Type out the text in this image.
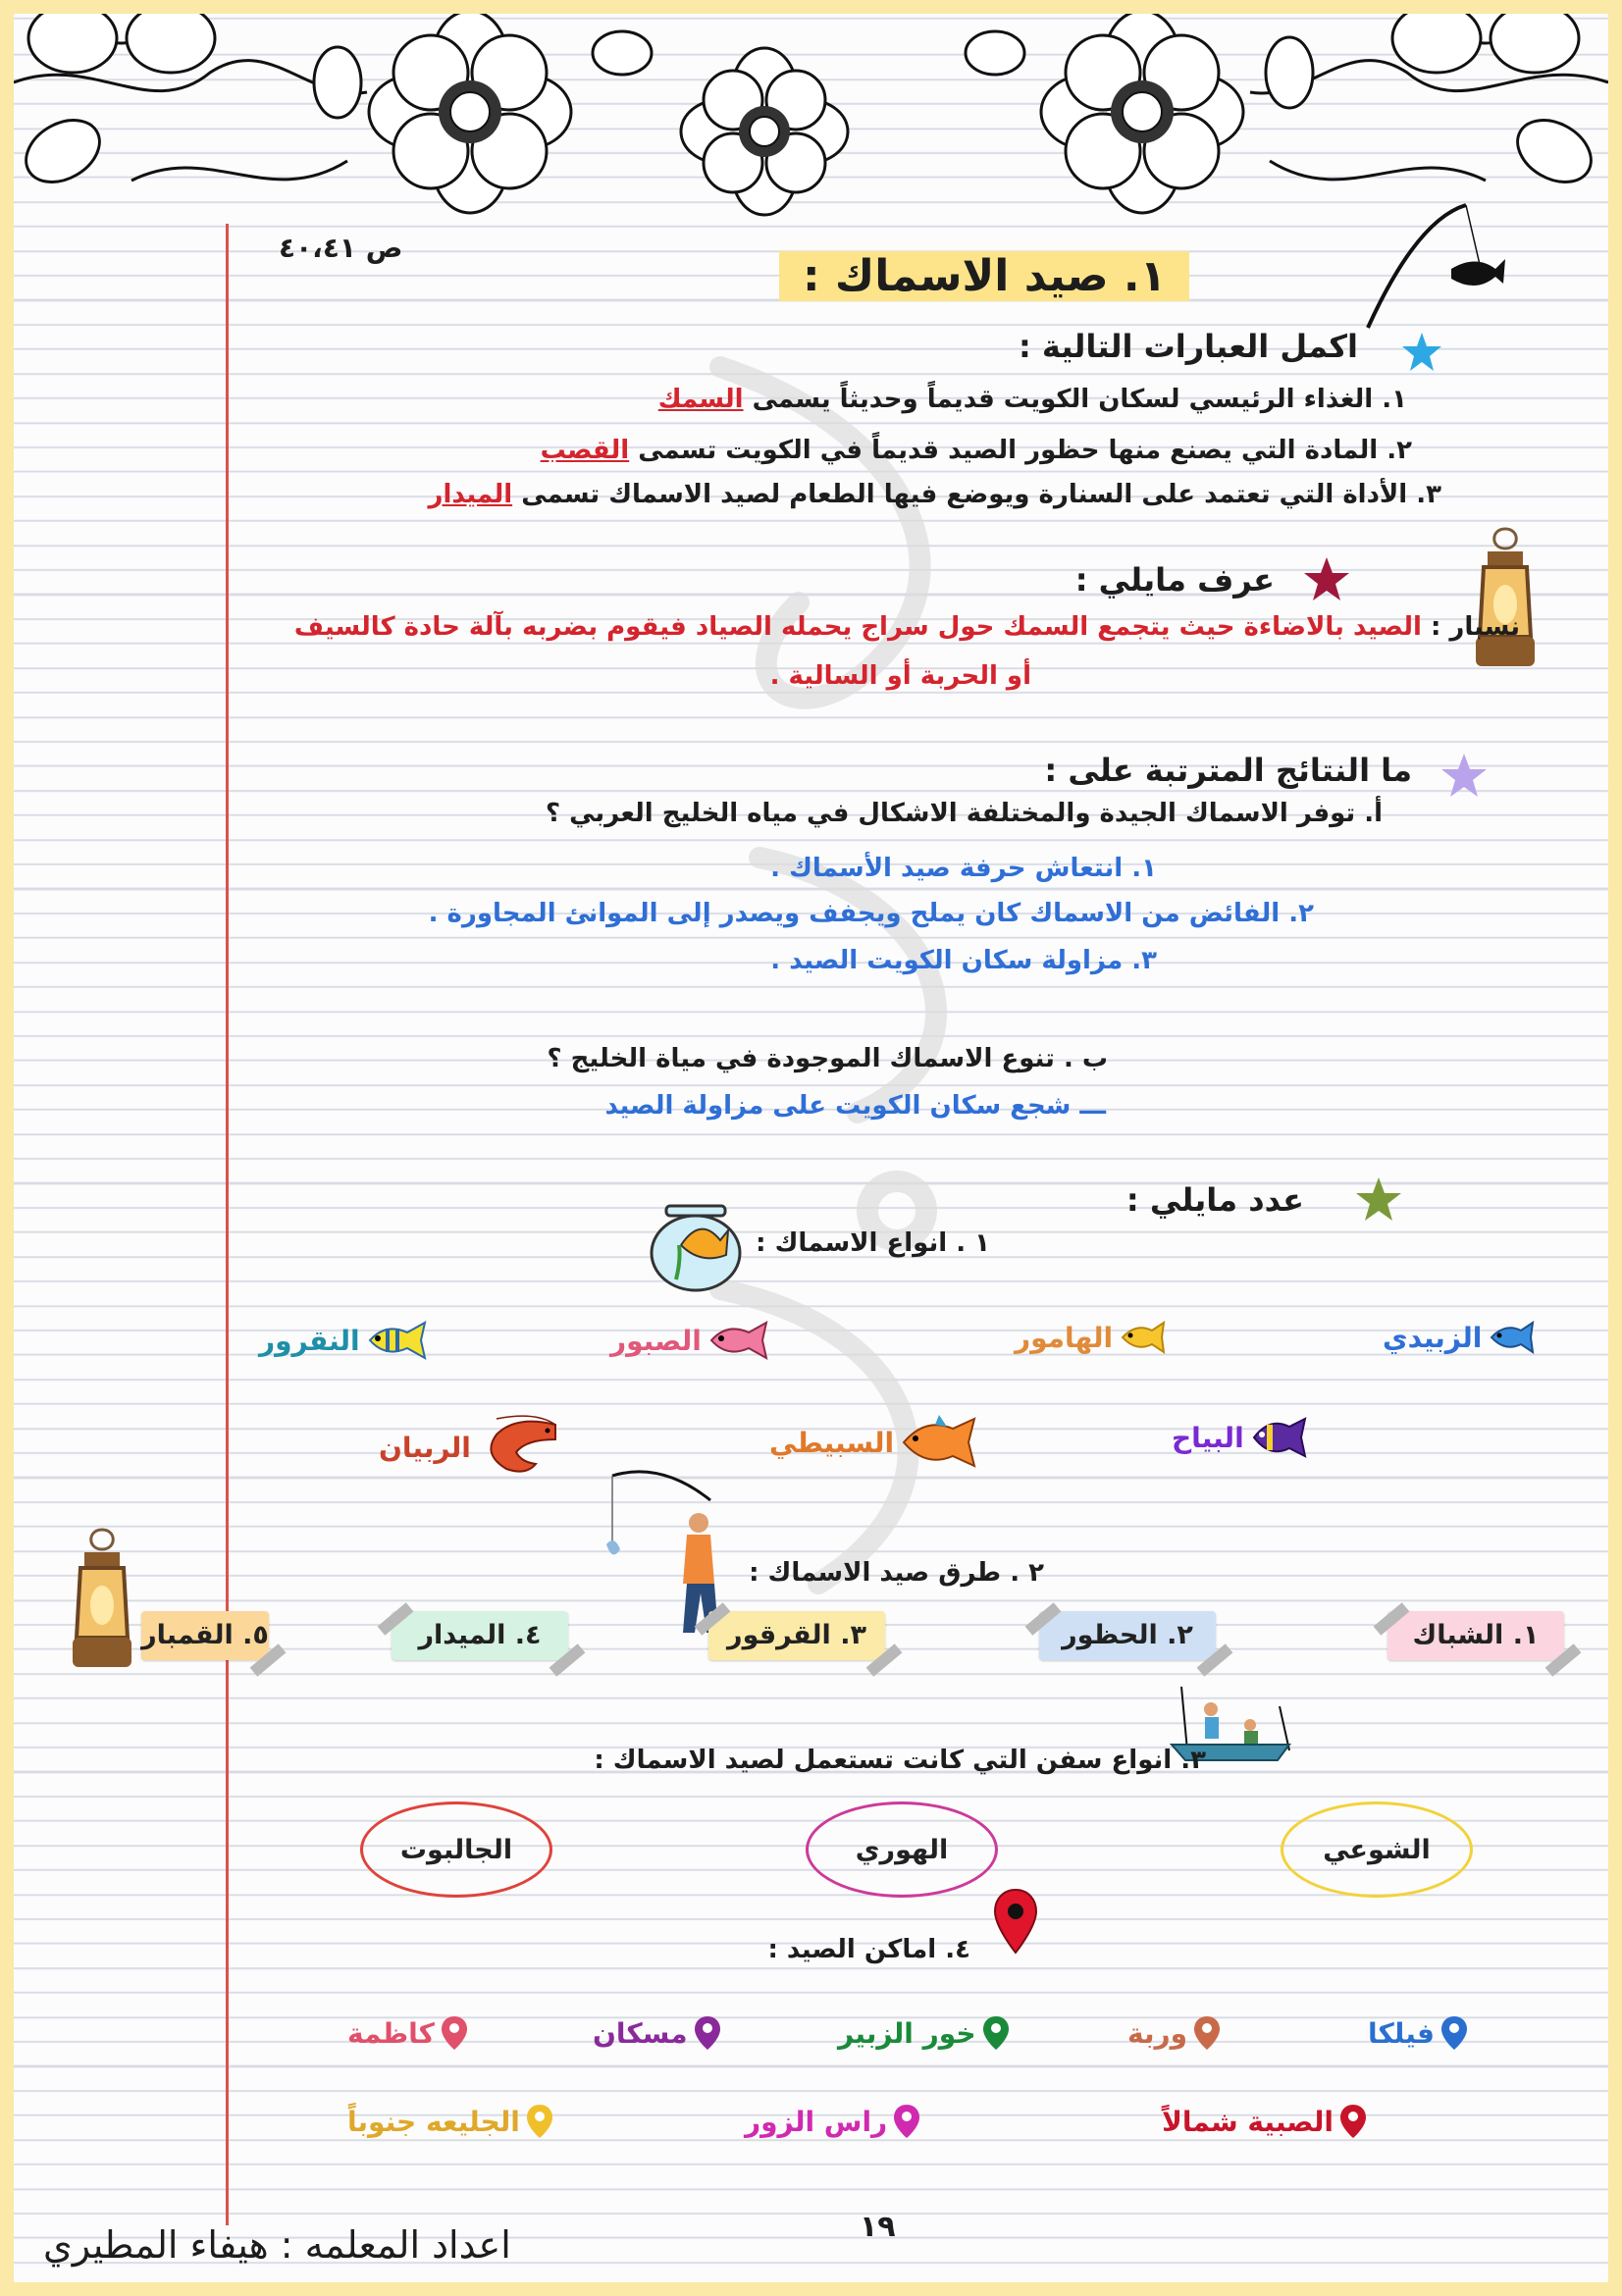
ص ٤٠،٤١
١. صيد الاسماك :
اكمل العبارات التالية :
١. الغذاء الرئيسي لسكان الكويت قديماً وحديثاً يسمى السمك
٢. المادة التي يصنع منها حظور الصيد قديماً في الكويت تسمى القصب
٣. الأداة التي تعتمد على السنارة ويوضع فيها الطعام لصيد الاسماك تسمى الميدار
عرف مايلي :
نسبار : الصيد بالاضاءة حيث يتجمع السمك حول سراج يحمله الصياد فيقوم بضربه بآلة حادة كالسيف
أو الحربة أو السالية .
ما النتائج المترتبة على :
أ. توفر الاسماك الجيدة والمختلفة الاشكال في مياه الخليج العربي ؟
١. انتعاش حرفة صيد الأسماك .
٢. الفائض من الاسماك كان يملح ويجفف ويصدر إلى الموانئ المجاورة .
٣. مزاولة سكان الكويت الصيد .
ب . تنوع الاسماك الموجودة في مياة الخليج ؟
ـــ شجع سكان الكويت على مزاولة الصيد
عدد مايلي :
١ . انواع الاسماك :
الزبيدي
الهامور
الصبور
النقرور
البياح
السبيطي
الربيان
٢ . طرق صيد الاسماك :
١. الشباك
٢. الحظور
٣. القرقور
٤. الميدار
٥. القمبار
٣. انواع سفن التي كانت تستعمل لصيد الاسماك :
الشوعي
الهوري
الجالبوت
٤. اماكن الصيد :
فيلكا
وربة
خور الزبير
مسكان
كاظمة
الصبية شمالاً
راس الزور
الجليعه جنوباً
١٩
اعداد المعلمه : هيفاء المطيري
